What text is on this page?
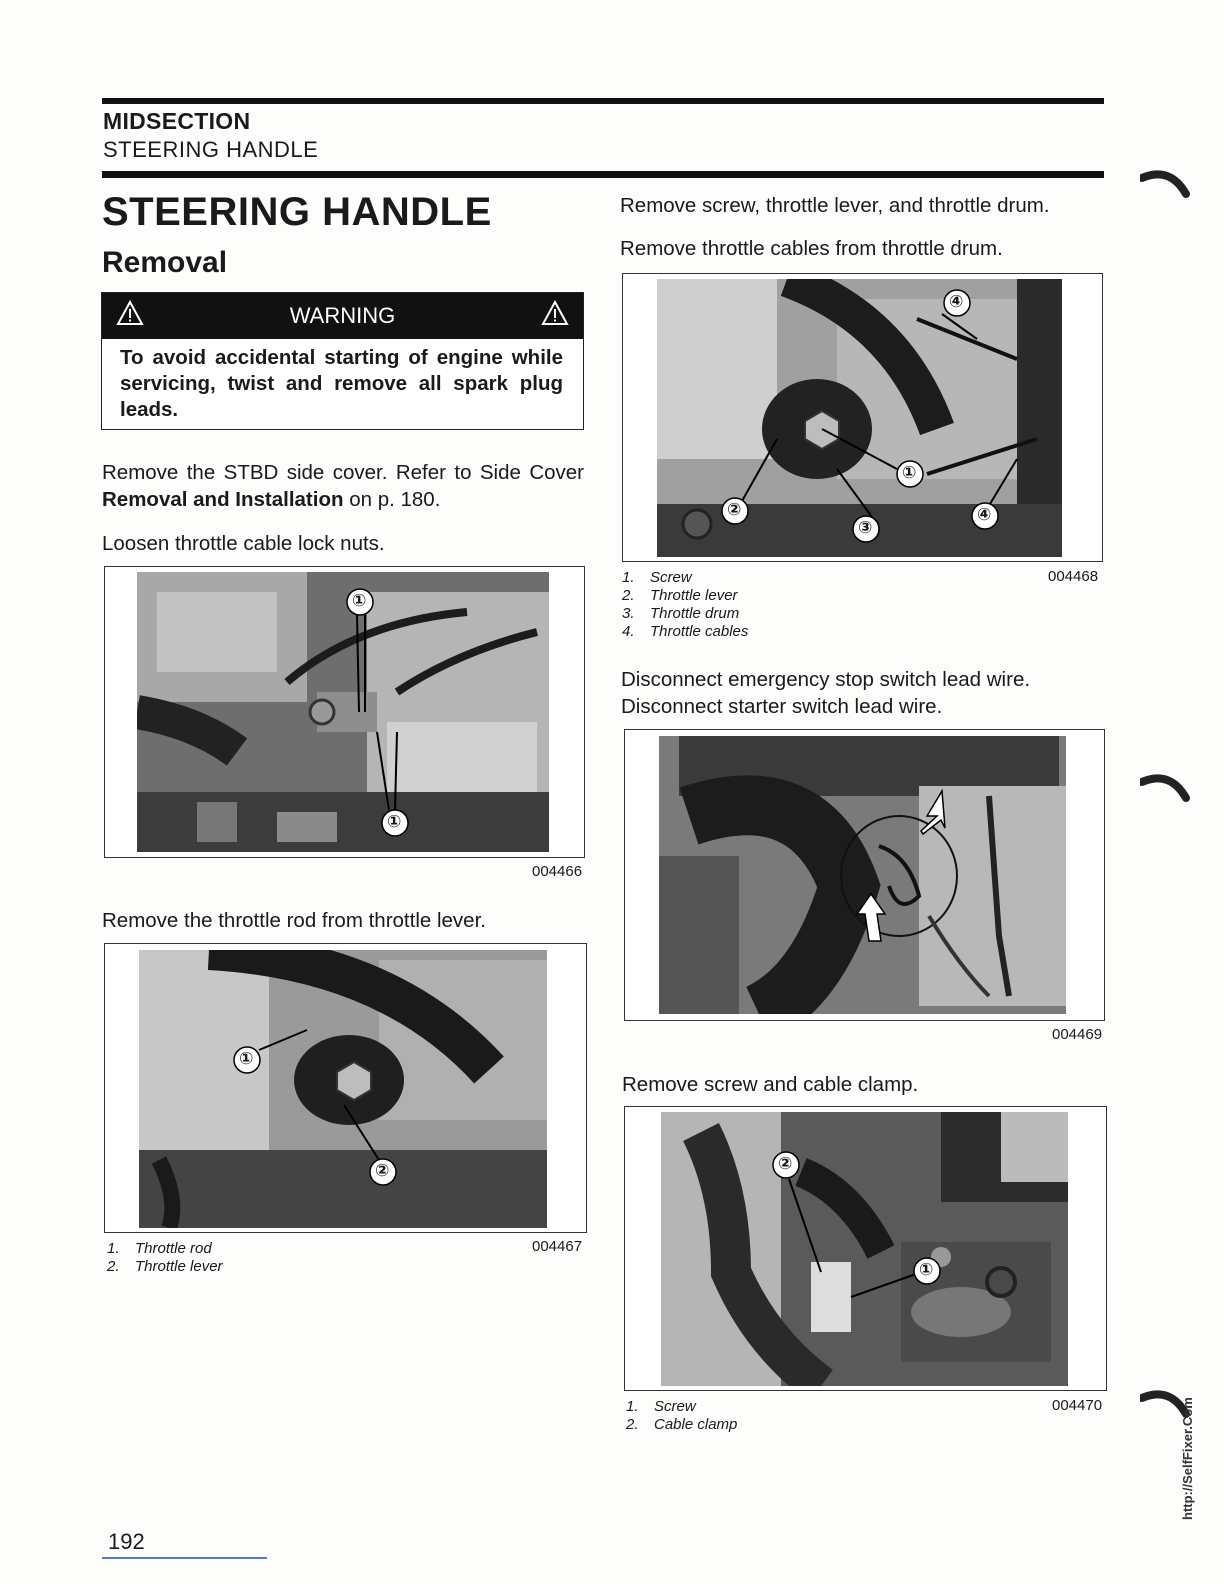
MIDSECTION
STEERING HANDLE
STEERING HANDLE
Removal
WARNING
To avoid accidental starting of engine while servicing, twist and remove all spark plug leads.
Remove the STBD side cover. Refer to Side Cover Removal and Installation on p. 180.
Loosen throttle cable lock nuts.
①
①
004466
Remove the throttle rod from throttle lever.
①
②
1. Throttle rod
2. Throttle lever
004467
Remove screw, throttle lever, and throttle drum.
Remove throttle cables from throttle drum.
④
①
②
③
④
1. Screw
2. Throttle lever
3. Throttle drum
4. Throttle cables
004468
Disconnect emergency stop switch lead wire. Disconnect starter switch lead wire.
004469
Remove screw and cable clamp.
②
①
1. Screw
2. Cable clamp
004470	http://SelfFixer.Com
192
